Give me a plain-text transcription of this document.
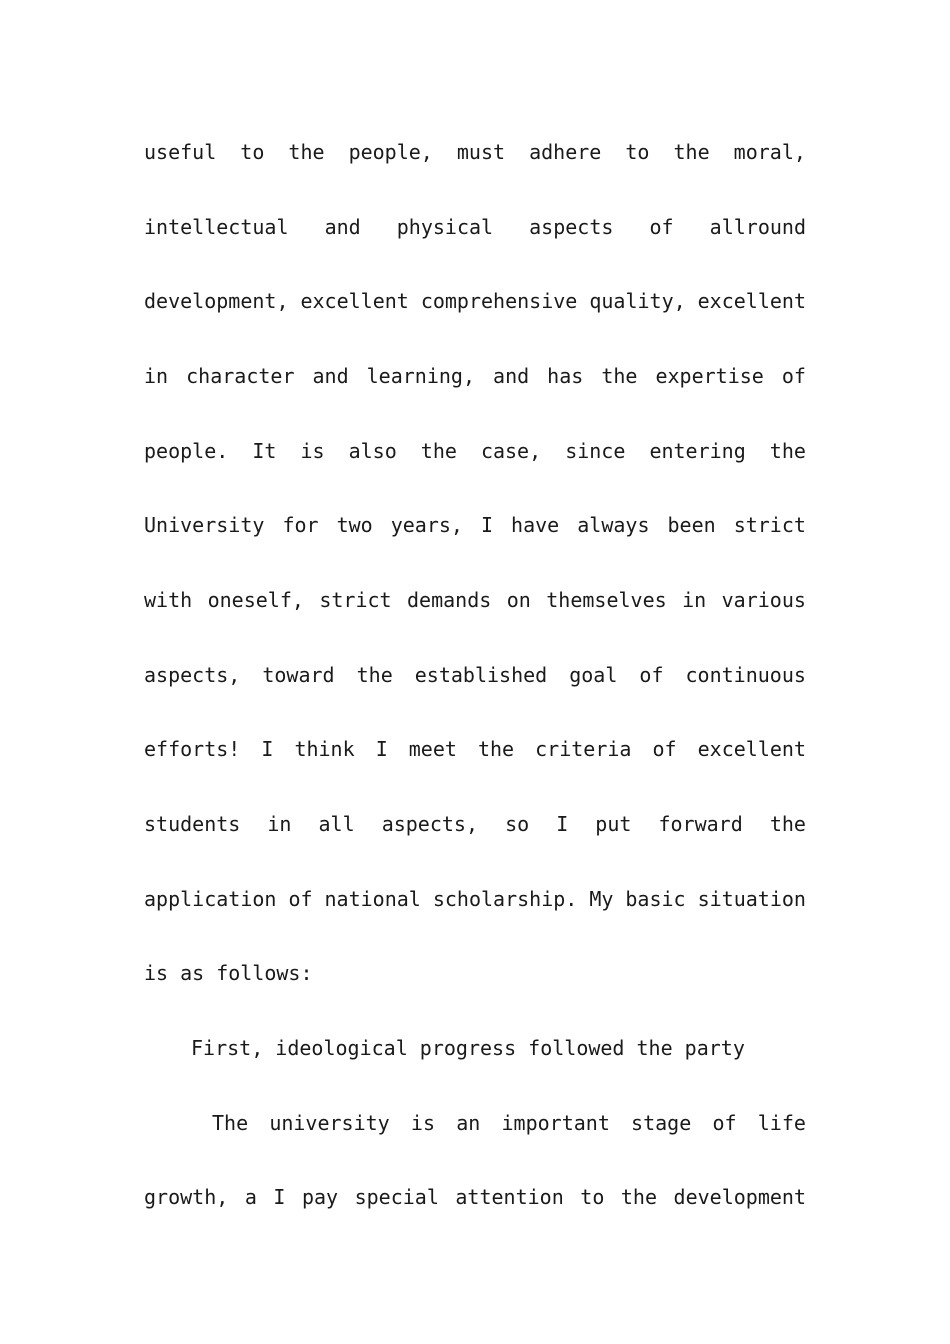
useful to the people, must adhere to the moral,
intellectual and physical aspects of allround
development, excellent comprehensive quality, excellent
in character and learning, and has the expertise of
people. It is also the case, since entering the
University for two years, I have always been strict
with oneself, strict demands on themselves in various
aspects, toward the established goal of continuous
efforts! I think I meet the criteria of excellent
students in all aspects, so I put forward the
application of national scholarship. My basic situation
is as follows:
First, ideological progress followed the party
The university is an important stage of life
growth, a I pay special attention to the development
